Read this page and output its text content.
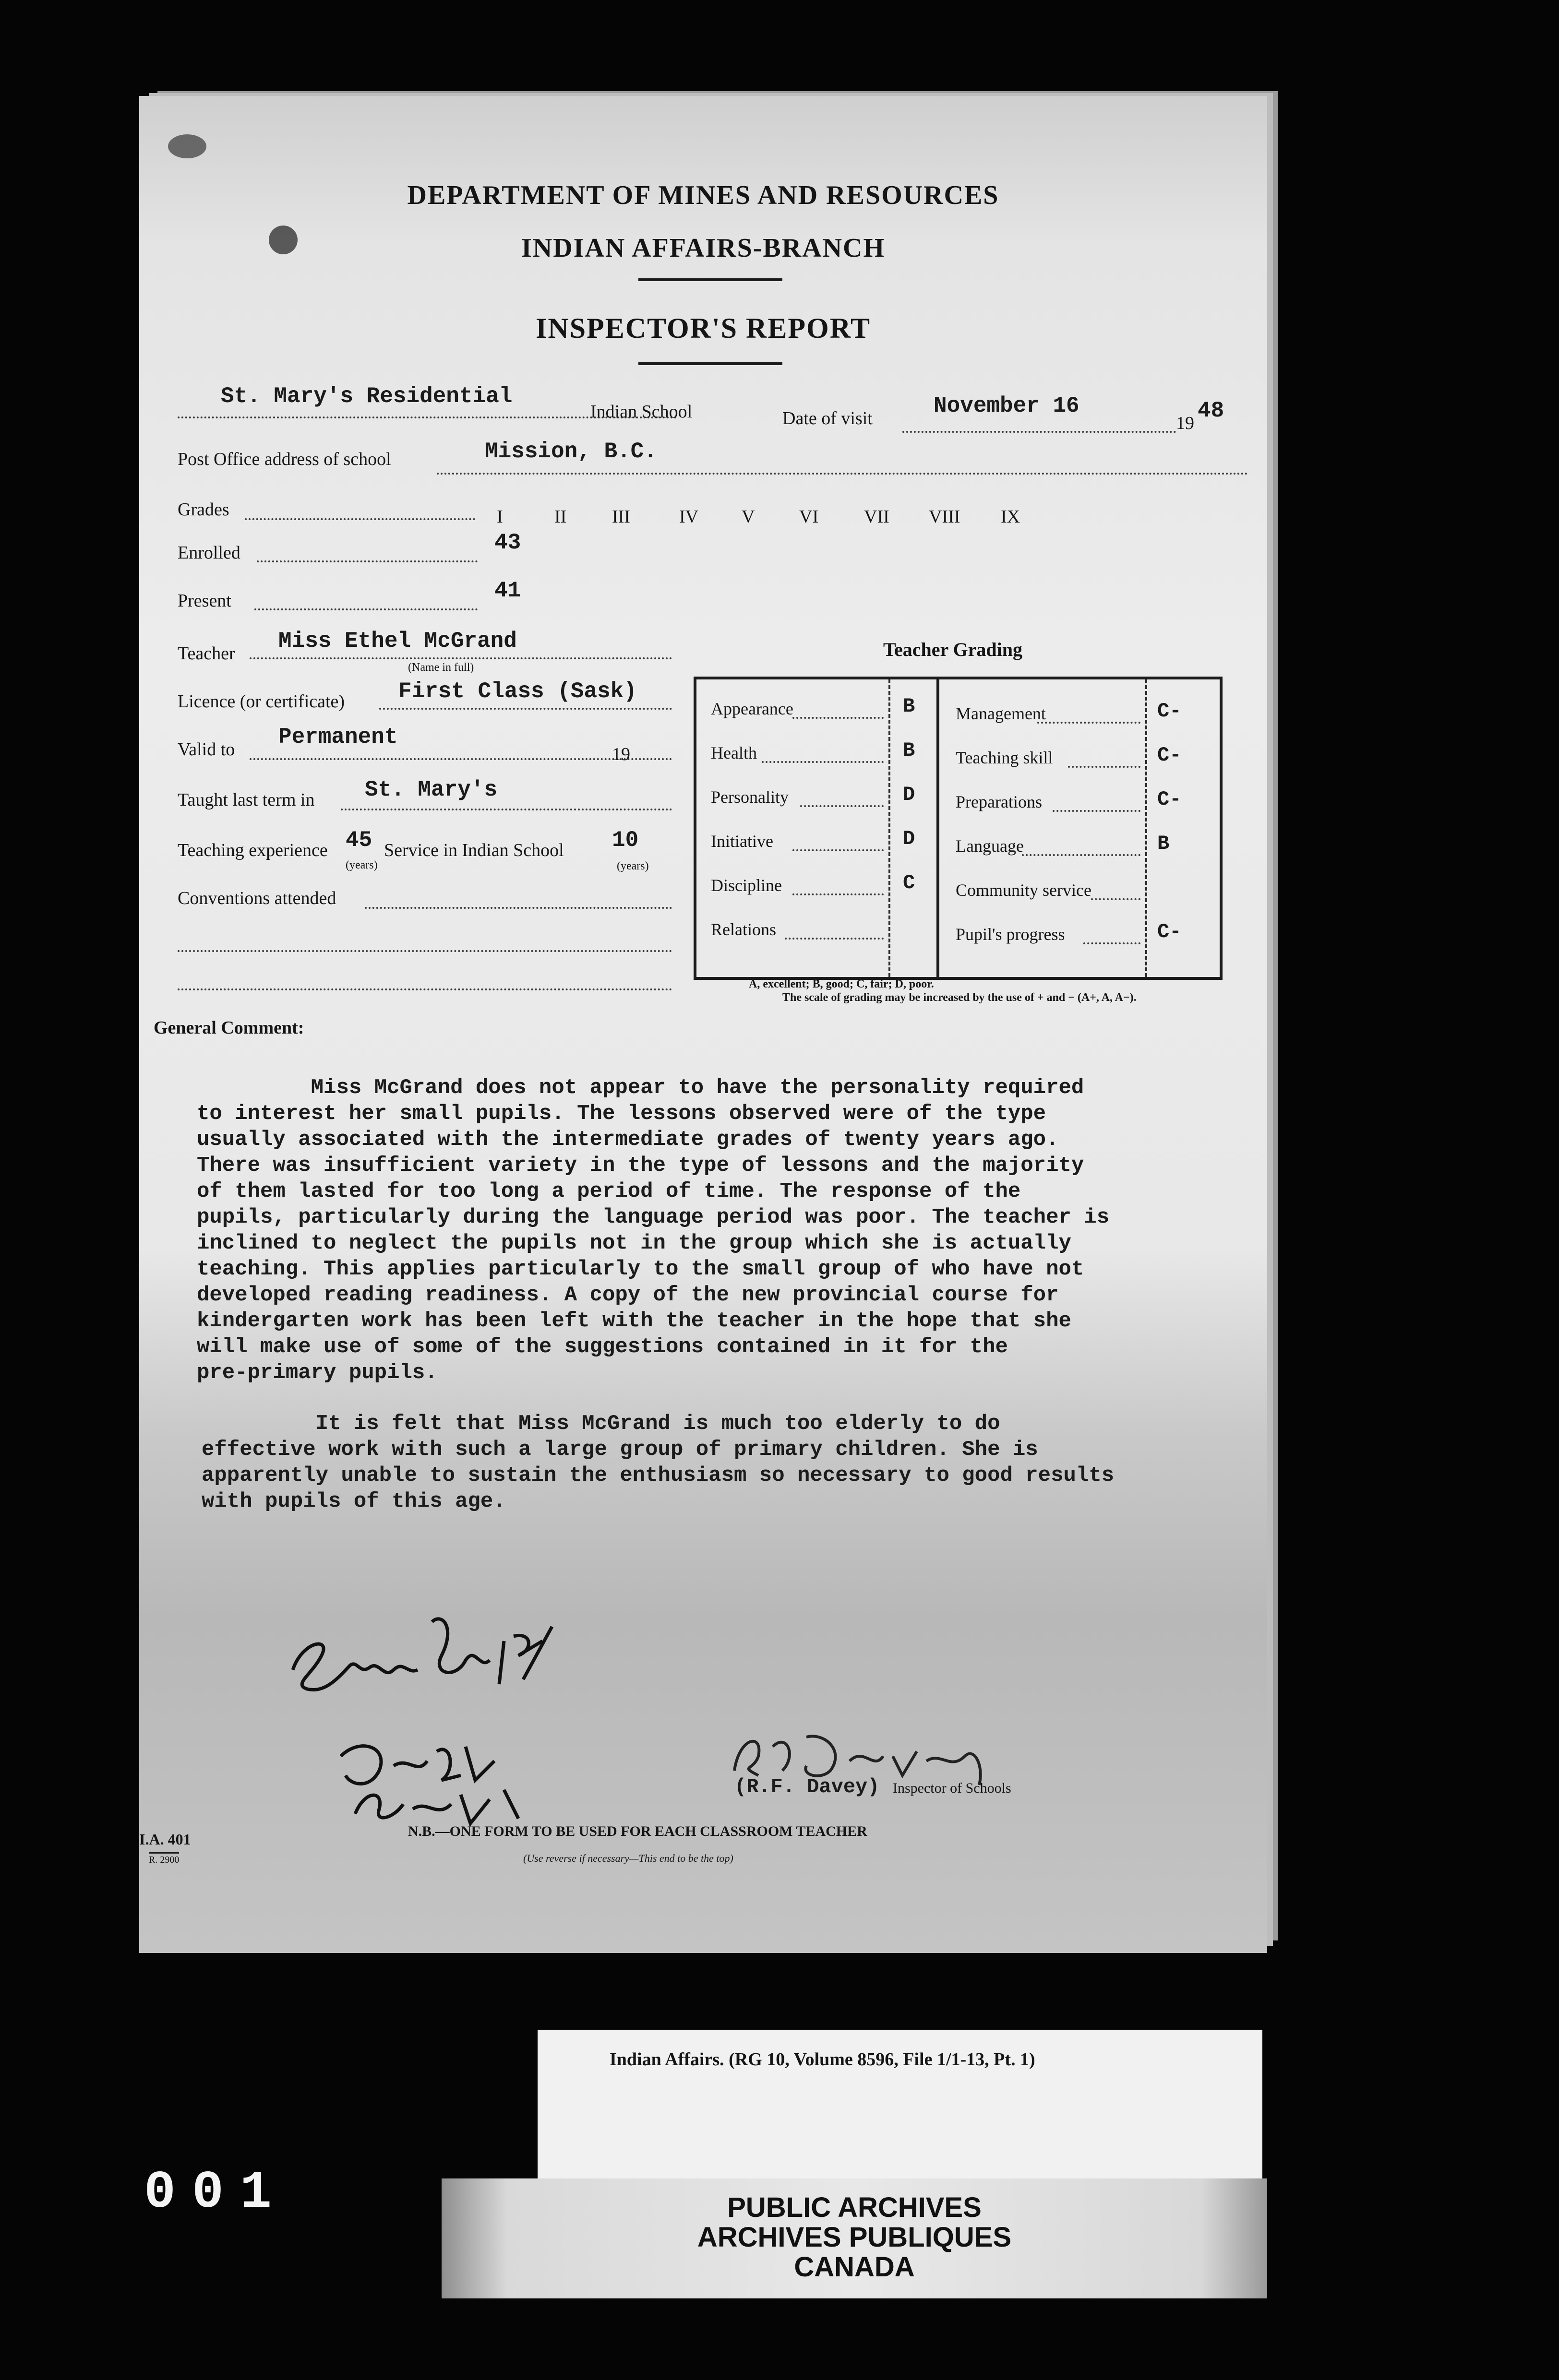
DEPARTMENT OF MINES AND RESOURCES
INDIAN AFFAIRS-BRANCH
INSPECTOR'S REPORT
St. Mary's Residential
Indian School	Date of visit	November 16
19 48
Post Office address of school	Mission, B.C.
Grades	I	II III	IV V VI VII VIII IX
Enrolled	43
Present	41
Teacher Miss Ethel McGrand
(Name in full)
Licence (or certificate) First Class (Sask)
Valid to Permanent
19
Taught last term in St. Mary's
Teaching experience 45
(years)
Service in Indian School 10
(years)
Conventions attended
Teacher Grading
Appearance	B
Health	B
Personality	D
Initiative	D
Discipline	C
Relations
Management	C-
Teaching skill	C-
Preparations	C-
Language	B
Community service
Pupil's progress	C-
A, excellent; B, good; C, fair; D, poor.
The scale of grading may be increased by the use of + and − (A+, A, A−).
General Comment:
Miss McGrand does not appear to have the personality required
to interest her small pupils. The lessons observed were of the type
usually associated with the intermediate grades of twenty years ago.
There was insufficient variety in the type of lessons and the majority
of them lasted for too long a period of time. The response of the
pupils, particularly during the language period was poor. The teacher is
inclined to neglect the pupils not in the group which she is actually
teaching. This applies particularly to the small group of who have not
developed reading readiness. A copy of the new provincial course for
kindergarten work has been left with the teacher in the hope that she
will make use of some of the suggestions contained in it for the
pre-primary pupils.
It is felt that Miss McGrand is much too elderly to do
effective work with such a large group of primary children. She is
apparently unable to sustain the enthusiasm so necessary to good results
with pupils of this age.
(R.F. Davey) Inspector of Schools
N.B.—ONE FORM TO BE USED FOR EACH CLASSROOM TEACHER
(Use reverse if necessary—This end to be the top)
I.A. 401
R. 2900
Indian Affairs. (RG 10, Volume 8596, File 1/1-13, Pt. 1)
001	PUBLIC ARCHIVES
ARCHIVES PUBLIQUES
CANADA
